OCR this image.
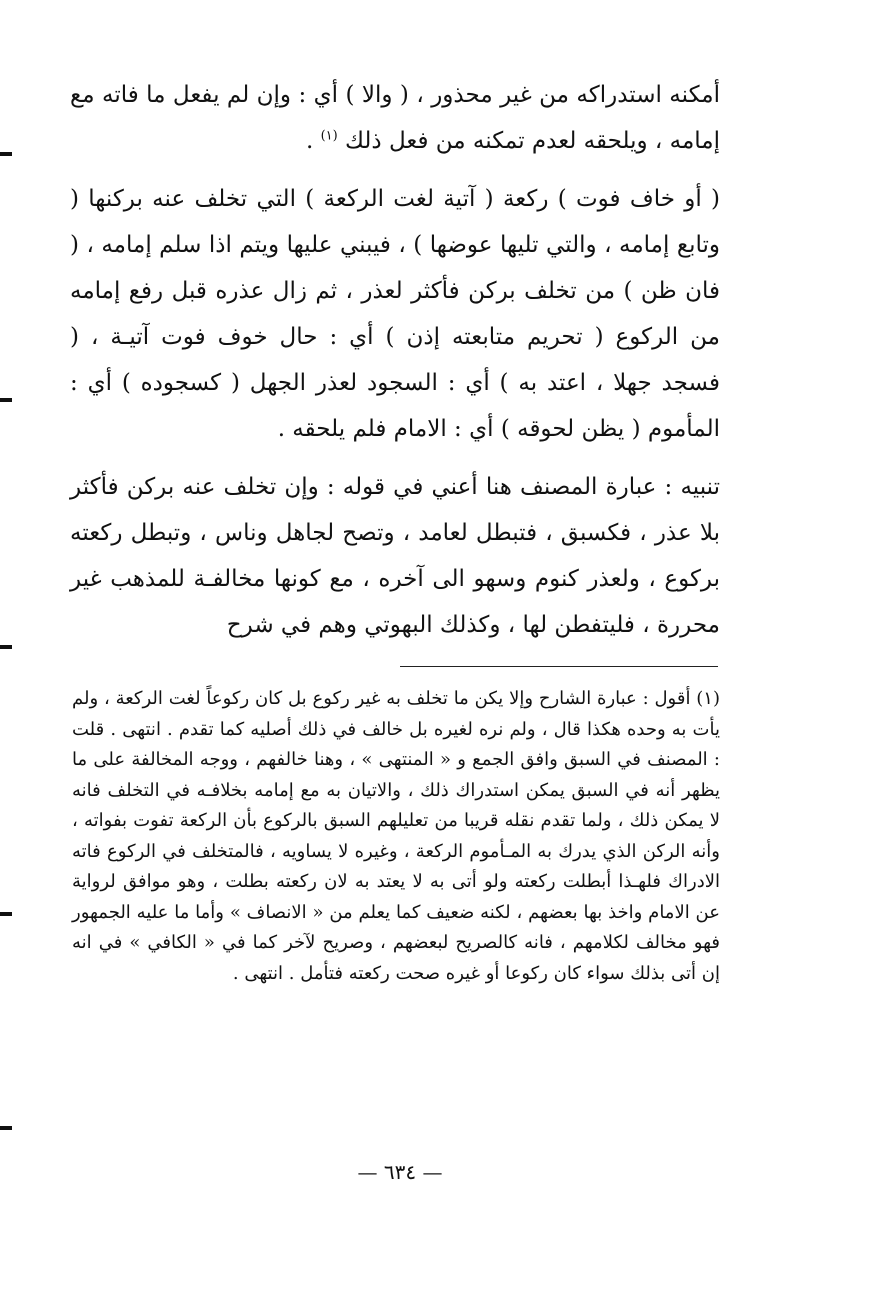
أمكنه استدراكه من غير محذور ، ( والا ) أي : وإن لم يفعل ما فاته مع إمامه ، ويلحقه لعدم تمكنه من فعل ذلك $^{(١)}$ .

( أو خاف فوت ) ركعة ( آتية لغت الركعة ) التي تخلف عنه بركنها ( وتابع إمامه ، والتي تليها عوضها ) ، فيبني عليها ويتم اذا سلم إمامه ، ( فان ظن ) من تخلف بركن فأكثر لعذر ، ثم زال عذره قبل رفع إمامه من الركوع ( تحريم متابعته إذن ) أي : حال خوف فوت آتيـة ، ( فسجد جهلا ، اعتد به ) أي : السجود لعذر الجهل ( كسجوده ) أي : المأموم ( يظن لحوقه ) أي : الامام فلم يلحقه .

تنبيه : عبارة المصنف هنا أعني في قوله : وإن تخلف عنه بركن فأكثر بلا عذر ، فكسبق ، فتبطل لعامد ، وتصح لجاهل وناس ، وتبطل ركعته بركوع ، ولعذر كنوم وسهو الى آخره ، مع كونها مخالفـة للمذهب غير محررة ، فليتفطن لها ، وكذلك البهوتي وهم في شرح

(١) أقول : عبارة الشارح وإلا يكن ما تخلف به غير ركوع بل كان ركوعاً لغت الركعة ، ولم يأت به وحده هكذا قال ، ولم نره لغيره بل خالف في ذلك أصليه كما تقدم . انتهى . قلت : المصنف في السبق وافق الجمع و « المنتهى » ، وهنا خالفهم ، ووجه المخالفة على ما يظهر أنه في السبق يمكن استدراك ذلك ، والاتيان به مع إمامه بخلافـه في التخلف فانه لا يمكن ذلك ، ولما تقدم نقله قريبا من تعليلهم السبق بالركوع بأن الركعة تفوت بفواته ، وأنه الركن الذي يدرك به المـأموم الركعة ، وغيره لا يساويه ، فالمتخلف في الركوع فاته الادراك فلهـذا أبطلت ركعته ولو أتى به لا يعتد به لان ركعته بطلت ، وهو موافق لرواية عن الامام واخذ بها بعضهم ، لكنه ضعيف كما يعلم من « الانصاف » وأما ما عليه الجمهور فهو مخالف لكلامهم ، فانه كالصريح لبعضهم ، وصريح لآخر كما في « الكافي » في انه إن أتى بذلك سواء كان ركوعا أو غيره صحت ركعته فتأمل . انتهى .

— ٦٣٤ —
